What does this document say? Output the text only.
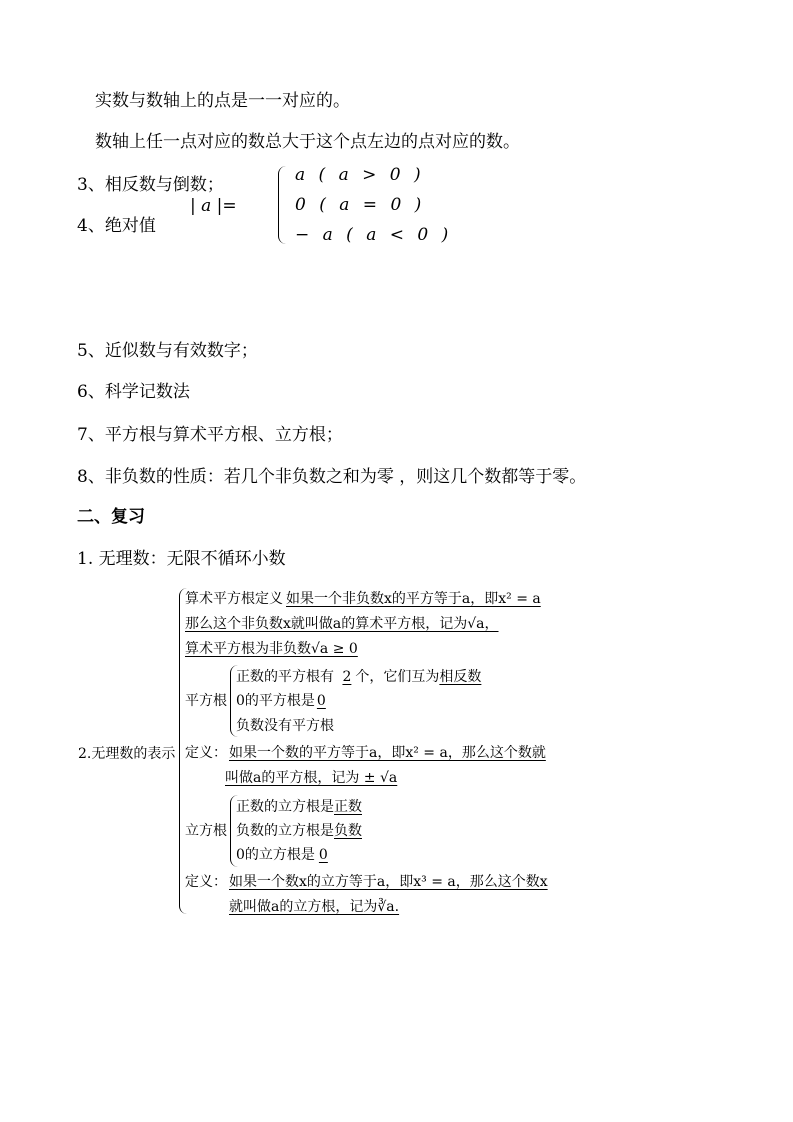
实数与数轴上的点是一一对应的。
数轴上任一点对应的数总大于这个点左边的点对应的数。
3、相反数与倒数；
4、绝对值
| a |=
a ( a > 0 )
0 ( a = 0 )
− a ( a < 0 )
5、近似数与有效数字；
6、科学记数法
7、平方根与算术平方根、立方根；
8、非负数的性质：若几个非负数之和为零 ，则这几个数都等于零。
二、复习
1. 无理数：无限不循环小数
2.无理数的表示
算术平方根定义 如果一个非负数x的平方等于a，即x² = a
那么这个非负数x就叫做a的算术平方根，记为√a，
算术平方根为非负数√a ≥ 0
平方根
正数的平方根有 2 个，它们互为相反数
0的平方根是 0
负数没有平方根
定义： 如果一个数的平方等于a，即x² = a，那么这个数就
叫做a的平方根，记为 ± √a
立方根
正数的立方根是正数
负数的立方根是负数
0的立方根是 0
定义： 如果一个数x的立方等于a，即x³ = a，那么这个数x
就叫做a的立方根，记为∛a.
